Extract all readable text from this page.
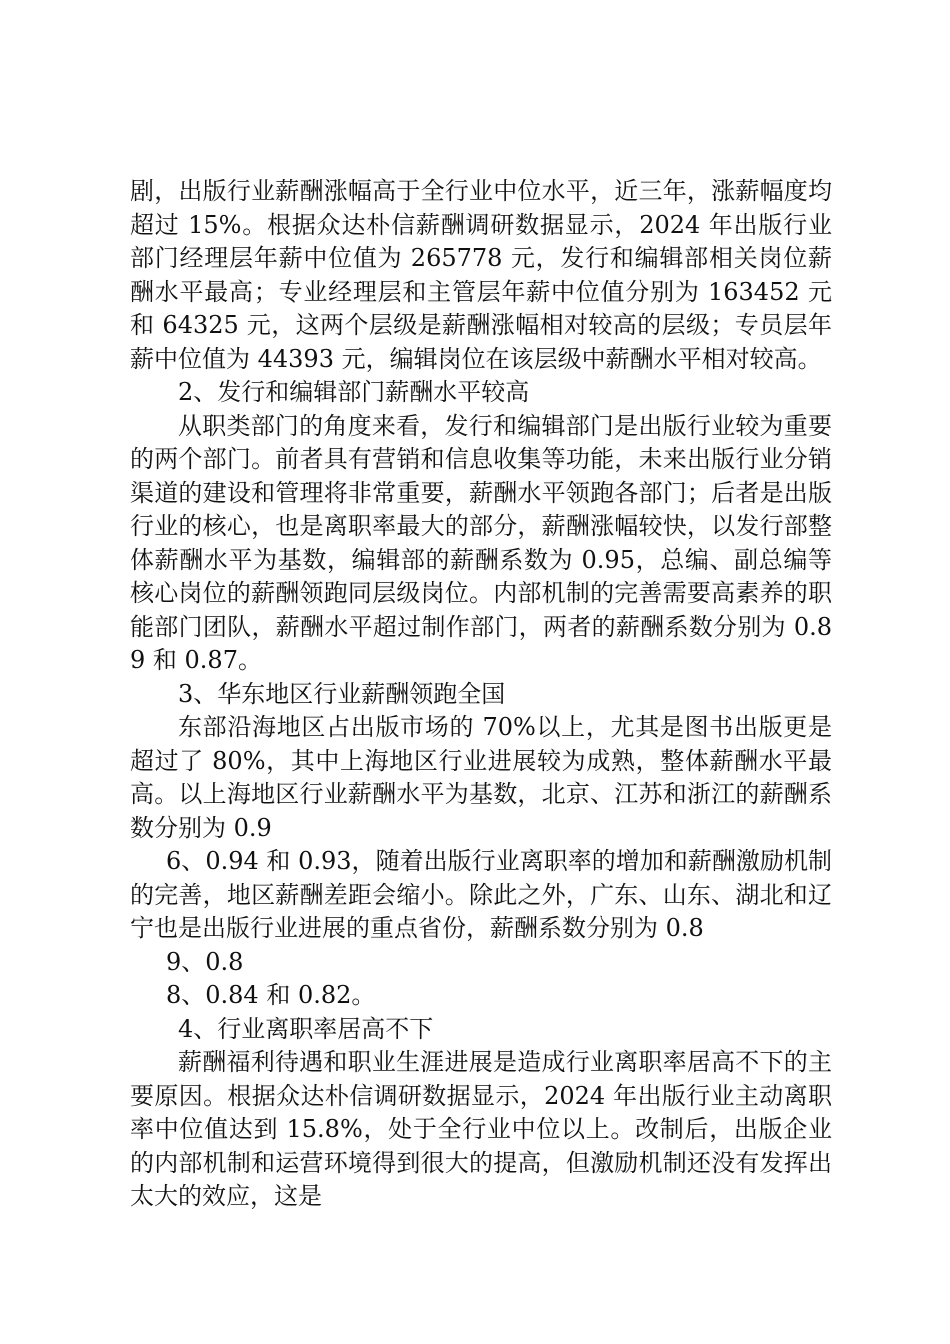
剧，出版行业薪酬涨幅高于全行业中位水平，近三年，涨薪幅度均超过 15%。根据众达朴信薪酬调研数据显示，2024 年出版行业部门经理层年薪中位值为 265778 元，发行和编辑部相关岗位薪酬水平最高；专业经理层和主管层年薪中位值分别为 163452 元和 64325 元，这两个层级是薪酬涨幅相对较高的层级；专员层年薪中位值为 44393 元，编辑岗位在该层级中薪酬水平相对较高。

2、发行和编辑部门薪酬水平较高

从职类部门的角度来看，发行和编辑部门是出版行业较为重要的两个部门。前者具有营销和信息收集等功能，未来出版行业分销渠道的建设和管理将非常重要，薪酬水平领跑各部门；后者是出版行业的核心，也是离职率最大的部分，薪酬涨幅较快，以发行部整体薪酬水平为基数，编辑部的薪酬系数为 0.95，总编、副总编等核心岗位的薪酬领跑同层级岗位。内部机制的完善需要高素养的职能部门团队，薪酬水平超过制作部门，两者的薪酬系数分别为 0.89 和 0.87。

3、华东地区行业薪酬领跑全国

东部沿海地区占出版市场的 70%以上，尤其是图书出版更是超过了 80%，其中上海地区行业进展较为成熟，整体薪酬水平最高。以上海地区行业薪酬水平为基数，北京、江苏和浙江的薪酬系数分别为 0.9

6、0.94 和 0.93，随着出版行业离职率的增加和薪酬激励机制的完善，地区薪酬差距会缩小。除此之外，广东、山东、湖北和辽宁也是出版行业进展的重点省份，薪酬系数分别为 0.8

9、0.8

8、0.84 和 0.82。

4、行业离职率居高不下

薪酬福利待遇和职业生涯进展是造成行业离职率居高不下的主要原因。根据众达朴信调研数据显示，2024 年出版行业主动离职率中位值达到 15.8%，处于全行业中位以上。改制后，出版企业的内部机制和运营环境得到很大的提高，但激励机制还没有发挥出太大的效应，这是
